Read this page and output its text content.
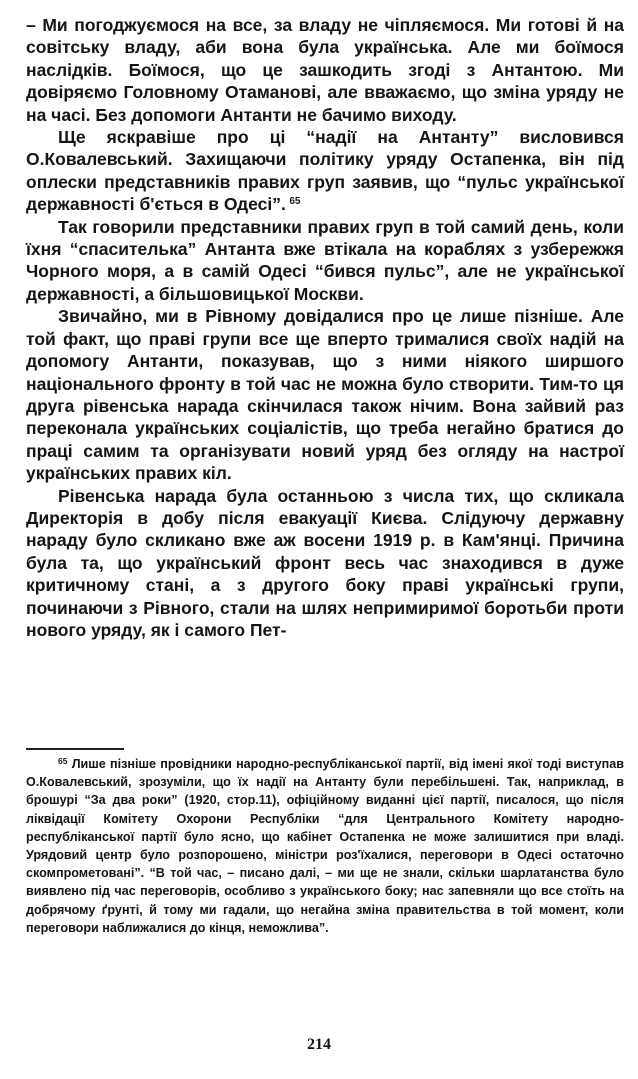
– Ми погоджуємося на все, за владу не чіпляємося. Ми готові й на совітську владу, аби вона була українська. Але ми боїмося наслідків. Боїмося, що це зашкодить згоді з Антантою. Ми довіряємо Головному Отаманові, але вважаємо, що зміна уряду не на часі. Без допомоги Антанти не бачимо виходу.

Ще яскравіше про ці “надії на Антанту” висловився О.Ковалевський. Захищаючи політику уряду Остапенка, він під оплески представників правих груп заявив, що “пульс української державності б'ється в Одесі”.  $^{65}$

Так говорили представники правих груп в той самий день, коли їхня “спасителька” Антанта вже втікала на кораблях з узбережжя Чорного моря, а в самій Одесі “бився пульс”, але не української державності, а більшовицької Москви.

Звичайно, ми в Рівному довідалися про це лише пізніше. Але той факт, що праві групи все ще вперто трималися своїх надій на допомогу Антанти, показував, що з ними ніякого ширшого національного фронту в той час не можна було створити. Тим-то ця друга рівенська нарада скінчилася також нічим. Вона зайвий раз переконала українських соціалістів, що треба негайно братися до праці самим та організувати новий уряд без огляду на настрої українських правих кіл.

Рівенська нарада була останньою з числа тих, що скликала Директорія в добу після евакуації Києва. Слідуючу державну нараду було скликано вже аж восени 1919 р. в Кам'янці. Причина була та, що український фронт весь час знаходився в дуже критичному стані, а з другого боку праві українські групи, починаючи з Рівного, стали на шлях непримиримої боротьби проти нового уряду, як і самого Пет-

$^{65}$ Лише пізніше провідники народно-республіканської партії, від імені якої тоді виступав О.Ковалевський, зрозуміли, що їх надії на Антанту були перебільшені. Так, наприклад, в брошурі “За два роки” (1920, стор.11), офіційному виданні цієї партії, писалося, що після ліквідації Комітету Охорони Республіки “для Центрального Комітету народно-республіканської партії було ясно, що кабінет Остапенка не може залишитися при владі. Урядовий центр було розпорошено, міністри роз'їхалися, переговори в Одесі остаточно скомпрометовані”. “В той час, – писано далі, – ми ще не знали, скільки шарлатанства було виявлено під час переговорів, особливо з українського боку; нас запевняли що все стоїть на добрячому ґрунті, й тому ми гадали, що негайна зміна правительства в той момент, коли переговори наближалися до кінця, неможлива”.

214
